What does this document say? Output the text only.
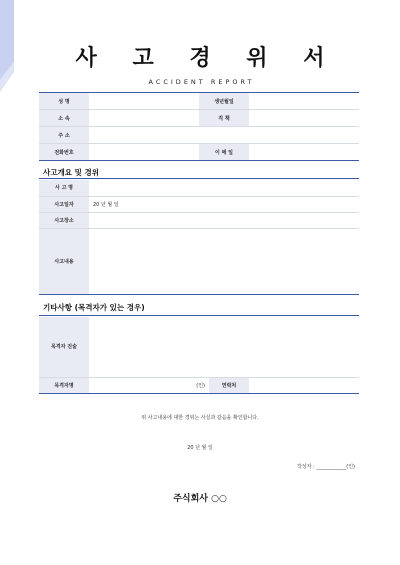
사 고 경 위 서
ACCIDENT REPORT
성 명		생년월일	
소 속		직 책	
주 소			
전화번호		이 메 일	
사고개요 및 경위
사 고 명	
사고일자	20 년 월 일
사고장소	
사고내용	
기타사항 (목격자가 있는 경우)
목격자 진술			
목격자명	(인)	연락처	
위 사고내용에 대한 경위는 사실과 같음을 확인합니다.
20 년 월 일
작성자 : ____________(인)
주식회사 ○○
